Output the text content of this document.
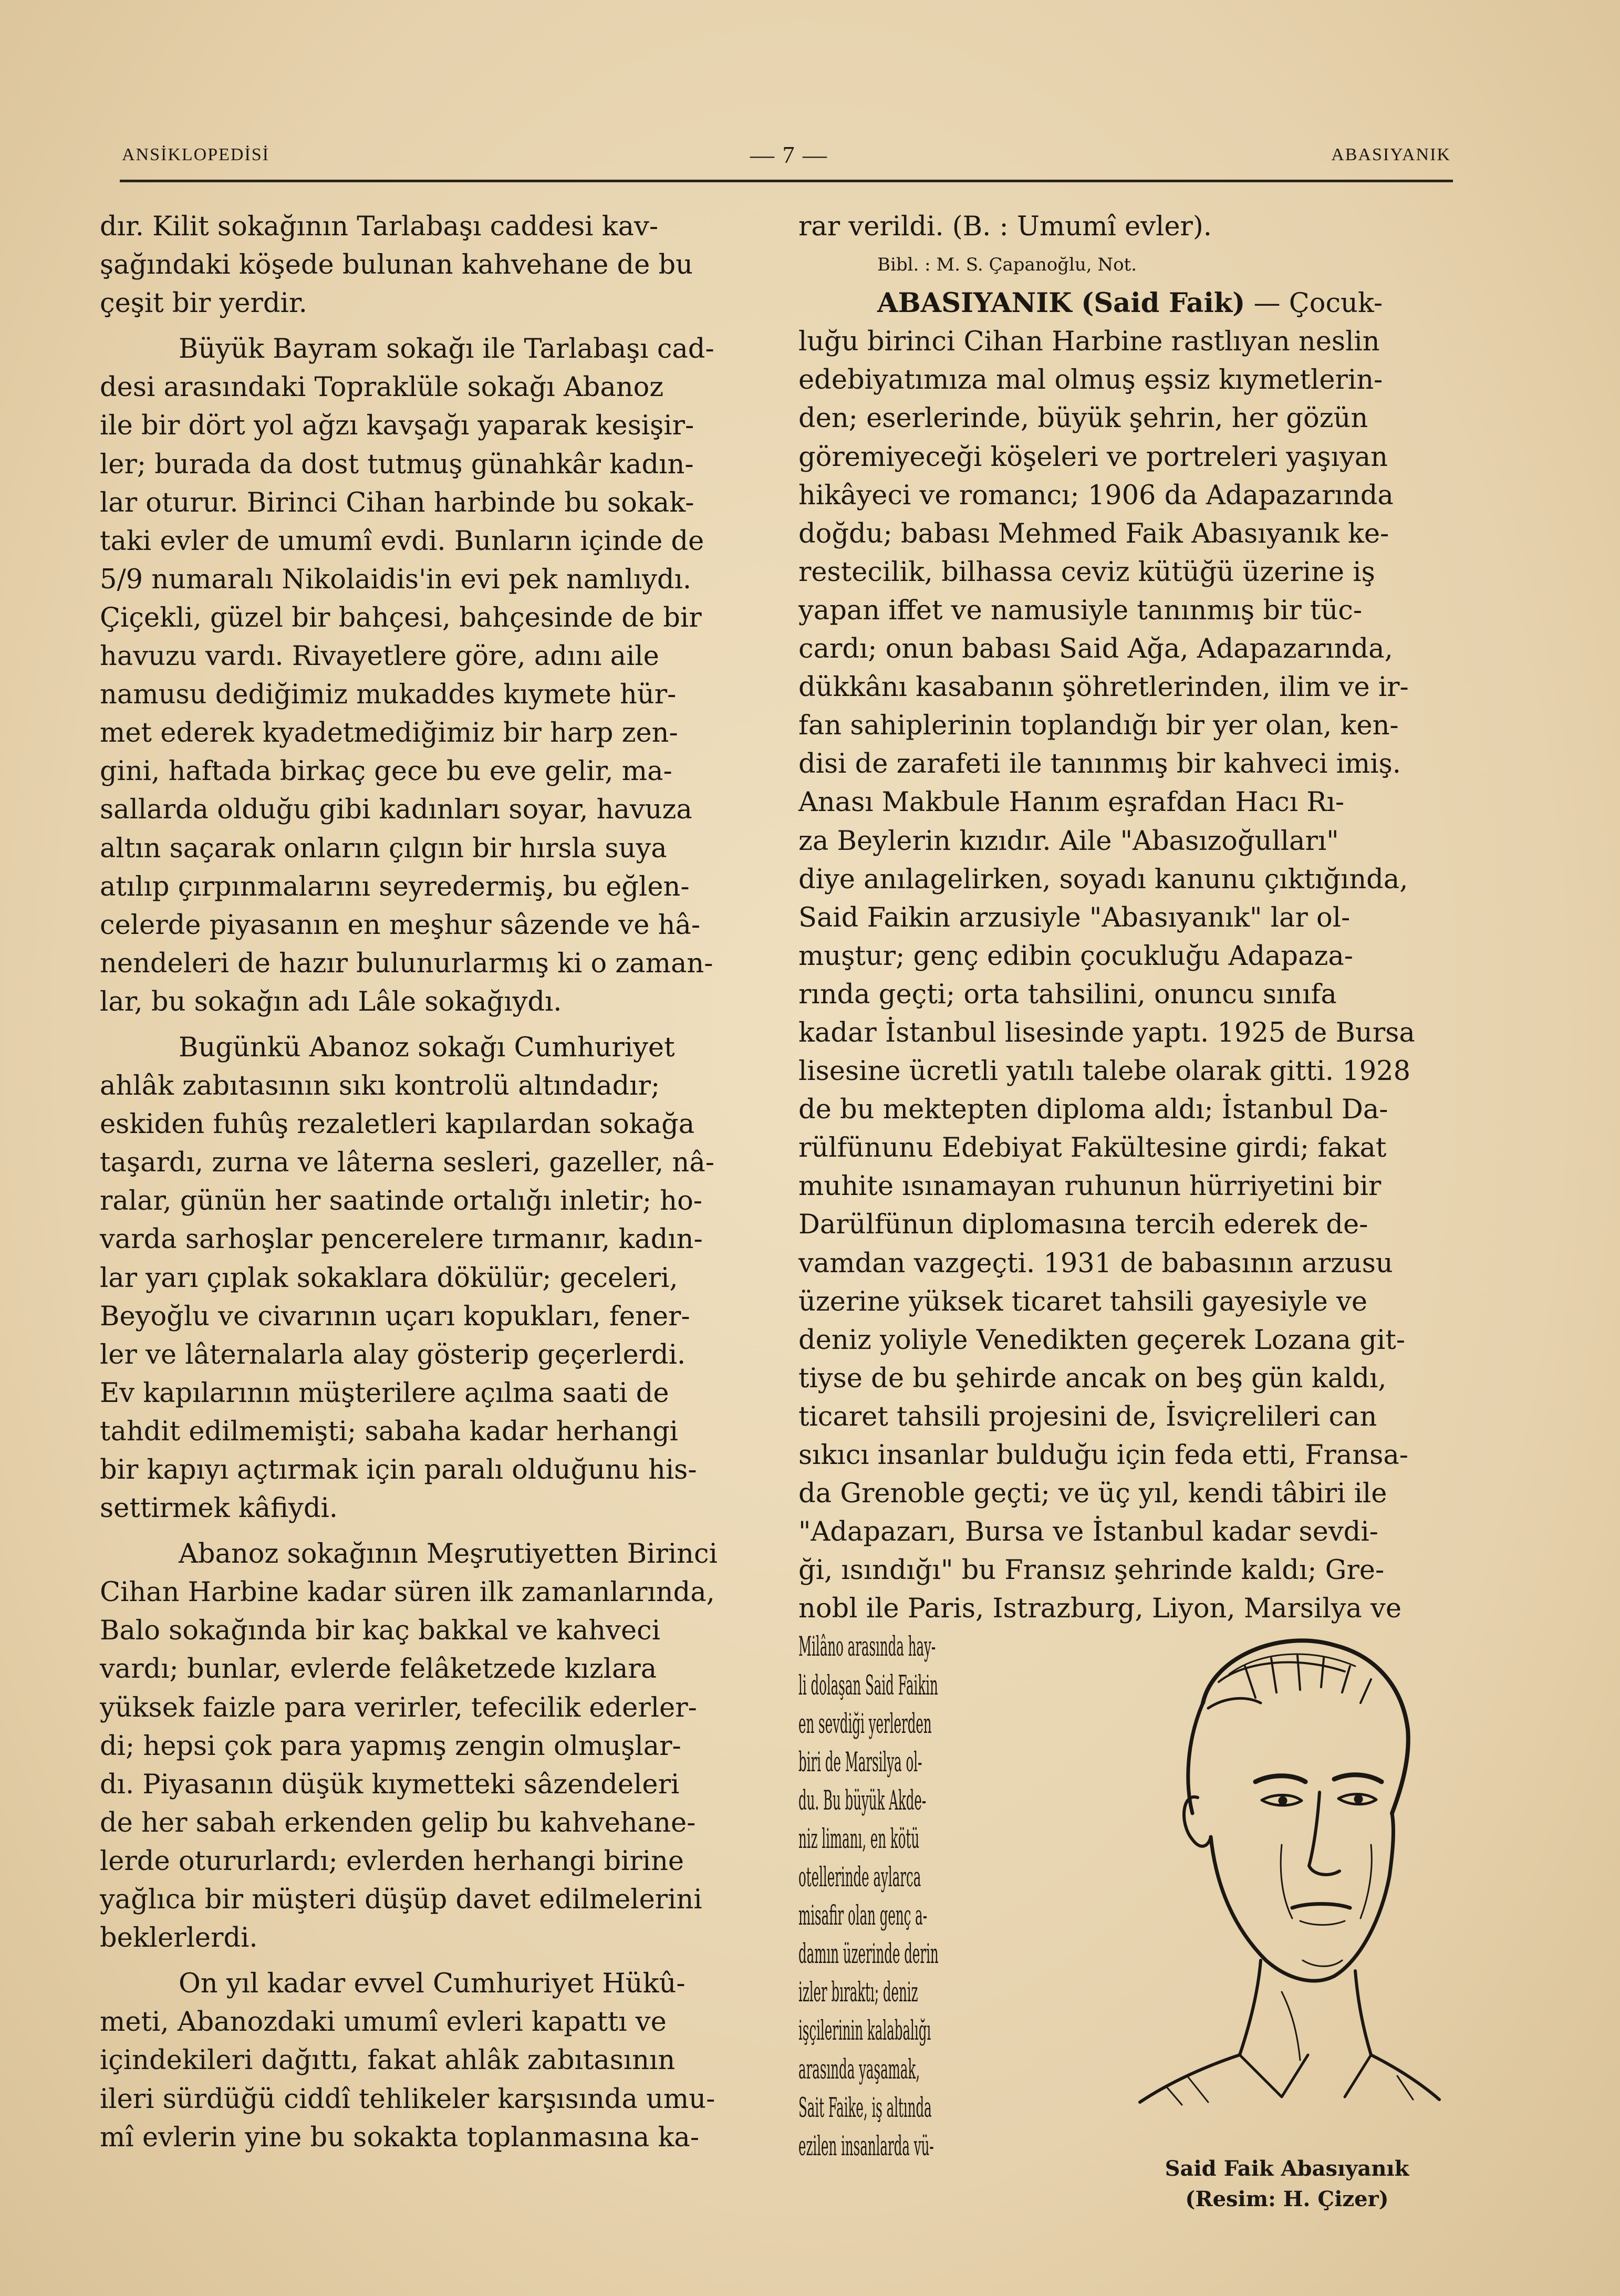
ANSİKLOPEDİSİ	— 7 —	ABASIYANIK

dır. Kilit sokağının Tarlabaşı caddesi kav-

şağındaki köşede bulunan kahvehane de bu

çeşit bir yerdir.

Büyük Bayram sokağı ile Tarlabaşı cad-

desi arasındaki Topraklüle sokağı Abanoz

ile bir dört yol ağzı kavşağı yaparak kesişir-

ler; burada da dost tutmuş günahkâr kadın-

lar oturur. Birinci Cihan harbinde bu sokak-

taki evler de umumî evdi. Bunların içinde de

5/9 numaralı Nikolaidis'in evi pek namlıydı.

Çiçekli, güzel bir bahçesi, bahçesinde de bir

havuzu vardı. Rivayetlere göre, adını aile

namusu dediğimiz mukaddes kıymete hür-

met ederek kyadetmediğimiz bir harp zen-

gini, haftada birkaç gece bu eve gelir, ma-

sallarda olduğu gibi kadınları soyar, havuza

altın saçarak onların çılgın bir hırsla suya

atılıp çırpınmalarını seyredermiş, bu eğlen-

celerde piyasanın en meşhur sâzende ve hâ-

nendeleri de hazır bulunurlarmış ki o zaman-

lar, bu sokağın adı Lâle sokağıydı.

Bugünkü Abanoz sokağı Cumhuriyet

ahlâk zabıtasının sıkı kontrolü altındadır;

eskiden fuhûş rezaletleri kapılardan sokağa

taşardı, zurna ve lâterna sesleri, gazeller, nâ-

ralar, günün her saatinde ortalığı inletir; ho-

varda sarhoşlar pencerelere tırmanır, kadın-

lar yarı çıplak sokaklara dökülür; geceleri,

Beyoğlu ve civarının uçarı kopukları, fener-

ler ve lâternalarla alay gösterip geçerlerdi.

Ev kapılarının müşterilere açılma saati de

tahdit edilmemişti; sabaha kadar herhangi

bir kapıyı açtırmak için paralı olduğunu his-

settirmek kâfiydi.

Abanoz sokağının Meşrutiyetten Birinci

Cihan Harbine kadar süren ilk zamanlarında,

Balo sokağında bir kaç bakkal ve kahveci

vardı; bunlar, evlerde felâketzede kızlara

yüksek faizle para verirler, tefecilik ederler-

di; hepsi çok para yapmış zengin olmuşlar-

dı. Piyasanın düşük kıymetteki sâzendeleri

de her sabah erkenden gelip bu kahvehane-

lerde otururlardı; evlerden herhangi birine

yağlıca bir müşteri düşüp davet edilmelerini

beklerlerdi.

On yıl kadar evvel Cumhuriyet Hükû-

meti, Abanozdaki umumî evleri kapattı ve

içindekileri dağıttı, fakat ahlâk zabıtasının

ileri sürdüğü ciddî tehlikeler karşısında umu-

mî evlerin yine bu sokakta toplanmasına ka-

rar verildi. (B. : Umumî evler).

Bibl. : M. S. Çapanoğlu, Not.

ABASIYANIK (Said Faik) — Çocuk-

luğu birinci Cihan Harbine rastlıyan neslin

edebiyatımıza mal olmuş eşsiz kıymetlerin-

den; eserlerinde, büyük şehrin, her gözün

göremiyeceği köşeleri ve portreleri yaşıyan

hikâyeci ve romancı; 1906 da Adapazarında

doğdu; babası Mehmed Faik Abasıyanık ke-

restecilik, bilhassa ceviz kütüğü üzerine iş

yapan iffet ve namusiyle tanınmış bir tüc-

cardı; onun babası Said Ağa, Adapazarında,

dükkânı kasabanın şöhretlerinden, ilim ve ir-

fan sahiplerinin toplandığı bir yer olan, ken-

disi de zarafeti ile tanınmış bir kahveci imiş.

Anası Makbule Hanım eşrafdan Hacı Rı-

za Beylerin kızıdır. Aile "Abasızoğulları"

diye anılagelirken, soyadı kanunu çıktığında,

Said Faikin arzusiyle "Abasıyanık" lar ol-

muştur; genç edibin çocukluğu Adapaza-

rında geçti; orta tahsilini, onuncu sınıfa

kadar İstanbul lisesinde yaptı. 1925 de Bursa

lisesine ücretli yatılı talebe olarak gitti. 1928

de bu mektepten diploma aldı; İstanbul Da-

rülfünunu Edebiyat Fakültesine girdi; fakat

muhite ısınamayan ruhunun hürriyetini bir

Darülfünun diplomasına tercih ederek de-

vamdan vazgeçti. 1931 de babasının arzusu

üzerine yüksek ticaret tahsili gayesiyle ve

deniz yoliyle Venedikten geçerek Lozana git-

tiyse de bu şehirde ancak on beş gün kaldı,

ticaret tahsili projesini de, İsviçrelileri can

sıkıcı insanlar bulduğu için feda etti, Fransa-

da Grenoble geçti; ve üç yıl, kendi tâbiri ile

"Adapazarı, Bursa ve İstanbul kadar sevdi-

ği, ısındığı" bu Fransız şehrinde kaldı; Gre-

nobl ile Paris, Istrazburg, Liyon, Marsilya ve

Milâno arasında hay-

li dolaşan Said Faikin

en sevdiği yerlerden

biri de Marsilya ol-

du. Bu büyük Akde-

niz limanı, en kötü

otellerinde aylarca

misafir olan genç a-

damın üzerinde derin

izler bıraktı; deniz

işçilerinin kalabalığı

arasında yaşamak,

Sait Faike, iş altında

ezilen insanlarda vü-

Said Faik Abasıyanık
(Resim: H. Çizer)
